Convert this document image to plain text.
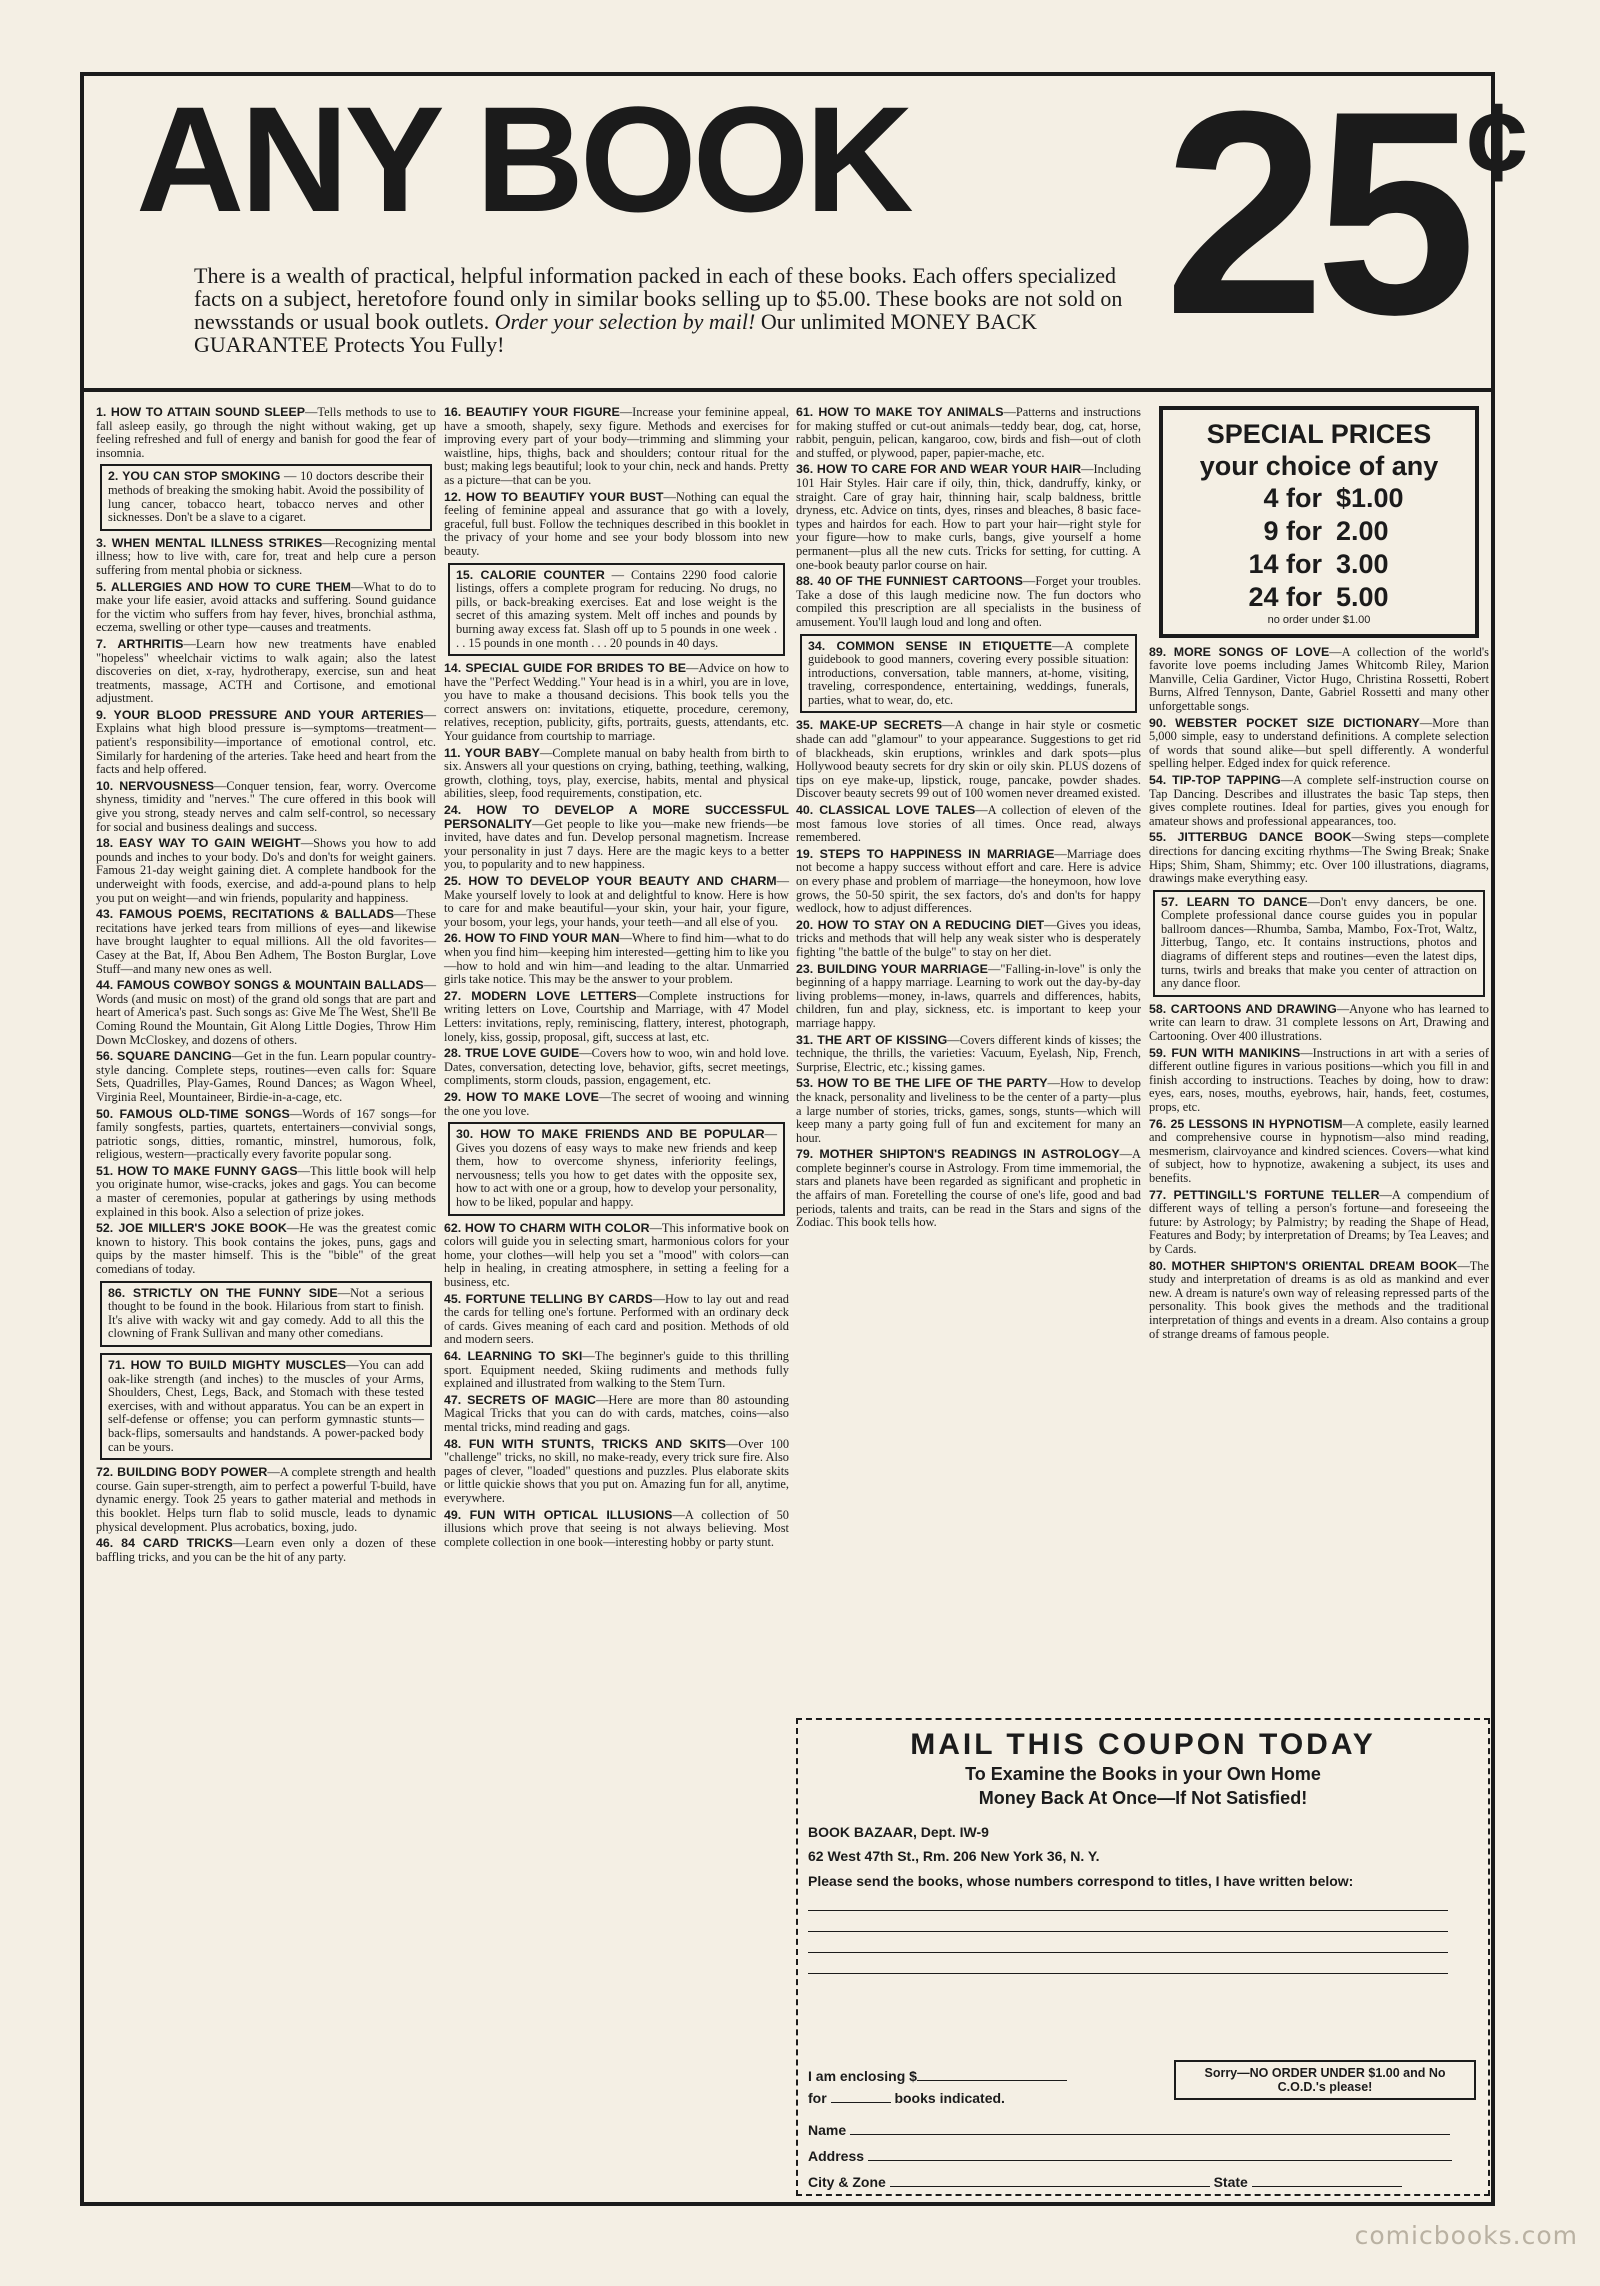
ANY BOOK 25¢
There is a wealth of practical, helpful information packed in each of these books. Each offers specialized facts on a subject, heretofore found only in similar books selling up to $5.00. These books are not sold on newsstands or usual book outlets. Order your selection by mail! Our unlimited MONEY BACK GUARANTEE Protects You Fully!
1. HOW TO ATTAIN SOUND SLEEP—Tells methods to use to fall asleep easily, go through the night without waking, get up feeling refreshed and full of energy and banish for good the fear of insomnia.
2. YOU CAN STOP SMOKING — 10 doctors describe their methods of breaking the smoking habit. Avoid the possibility of lung cancer, tobacco heart, tobacco nerves and other sicknesses. Don't be a slave to a cigaret.
3. WHEN MENTAL ILLNESS STRIKES—Recognizing mental illness; how to live with, care for, treat and help cure a person suffering from mental phobia or sickness.
5. ALLERGIES AND HOW TO CURE THEM—What to do to make your life easier, avoid attacks and suffering. Sound guidance for the victim who suffers from hay fever, hives, bronchial asthma, eczema, swelling or other type—causes and treatments.
7. ARTHRITIS—Learn how new treatments have enabled "hopeless" wheelchair victims to walk again; also the latest discoveries on diet, x-ray, hydrotherapy, exercise, sun and heat treatments, massage, ACTH and Cortisone, and emotional adjustment.
9. YOUR BLOOD PRESSURE AND YOUR ARTERIES—Explains what high blood pressure is—symptoms—treatment—patient's responsibility—importance of emotional control, etc. Similarly for hardening of the arteries. Take heed and heart from the facts and help offered.
10. NERVOUSNESS—Conquer tension, fear, worry. Overcome shyness, timidity and "nerves." The cure offered in this book will give you strong, steady nerves and calm self-control, so necessary for social and business dealings and success.
18. EASY WAY TO GAIN WEIGHT—Shows you how to add pounds and inches to your body. Do's and don'ts for weight gainers. Famous 21-day weight gaining diet. A complete handbook for the underweight with foods, exercise, and add-a-pound plans to help you put on weight—and win friends, popularity and happiness.
43. FAMOUS POEMS, RECITATIONS & BALLADS—These recitations have jerked tears from millions of eyes—and likewise have brought laughter to equal millions. All the old favorites—Casey at the Bat, If, Abou Ben Adhem, The Boston Burglar, Love Stuff—and many new ones as well.
44. FAMOUS COWBOY SONGS & MOUNTAIN BALLADS—Words (and music on most) of the grand old songs that are part and heart of America's past. Such songs as: Give Me The West, She'll Be Coming Round the Mountain, Git Along Little Dogies, Throw Him Down McCloskey, and dozens of others.
56. SQUARE DANCING—Get in the fun. Learn popular country-style dancing. Complete steps, routines—even calls for: Square Sets, Quadrilles, Play-Games, Round Dances; as Wagon Wheel, Virginia Reel, Mountaineer, Birdie-in-a-cage, etc.
50. FAMOUS OLD-TIME SONGS—Words of 167 songs—for family songfests, parties, quartets, entertainers—convivial songs, patriotic songs, ditties, romantic, minstrel, humorous, folk, religious, western—practically every favorite popular song.
51. HOW TO MAKE FUNNY GAGS—This little book will help you originate humor, wise-cracks, jokes and gags. You can become a master of ceremonies, popular at gatherings by using methods explained in this book. Also a selection of prize jokes.
52. JOE MILLER'S JOKE BOOK—He was the greatest comic known to history. This book contains the jokes, puns, gags and quips by the master himself. This is the "bible" of the great comedians of today.
86. STRICTLY ON THE FUNNY SIDE—Not a serious thought to be found in the book. Hilarious from start to finish. It's alive with wacky wit and gay comedy. Add to all this the clowning of Frank Sullivan and many other comedians.
71. HOW TO BUILD MIGHTY MUSCLES—You can add oak-like strength (and inches) to the muscles of your Arms, Shoulders, Chest, Legs, Back, and Stomach with these tested exercises, with and without apparatus. You can be an expert in self-defense or offense; you can perform gymnastic stunts—back-flips, somersaults and handstands. A power-packed body can be yours.
72. BUILDING BODY POWER—A complete strength and health course. Gain super-strength, aim to perfect a powerful T-build, have dynamic energy. Took 25 years to gather material and methods in this booklet. Helps turn flab to solid muscle, leads to dynamic physical development. Plus acrobatics, boxing, judo.
46. 84 CARD TRICKS—Learn even only a dozen of these baffling tricks, and you can be the hit of any party.
16. BEAUTIFY YOUR FIGURE—Increase your feminine appeal, have a smooth, shapely, sexy figure. Methods and exercises for improving every part of your body—trimming and slimming your waistline, hips, thighs, back and shoulders; contour ritual for the bust; making legs beautiful; look to your chin, neck and hands. Pretty as a picture—that can be you.
12. HOW TO BEAUTIFY YOUR BUST—Nothing can equal the feeling of feminine appeal and assurance that go with a lovely, graceful, full bust. Follow the techniques described in this booklet in the privacy of your home and see your body blossom into new beauty.
15. CALORIE COUNTER — Contains 2290 food calorie listings, offers a complete program for reducing. No drugs, no pills, or back-breaking exercises. Eat and lose weight is the secret of this amazing system. Melt off inches and pounds by burning away excess fat. Slash off up to 5 pounds in one week . . . 15 pounds in one month . . . 20 pounds in 40 days.
14. SPECIAL GUIDE FOR BRIDES TO BE—Advice on how to have the "Perfect Wedding." Your head is in a whirl, you are in love, you have to make a thousand decisions. This book tells you the correct answers on: invitations, etiquette, procedure, ceremony, relatives, reception, publicity, gifts, portraits, guests, attendants, etc. Your guidance from courtship to marriage.
11. YOUR BABY—Complete manual on baby health from birth to six. Answers all your questions on crying, bathing, teething, walking, growth, clothing, toys, play, exercise, habits, mental and physical abilities, sleep, food requirements, constipation, etc.
24. HOW TO DEVELOP A MORE SUCCESSFUL PERSONALITY—Get people to like you—make new friends—be invited, have dates and fun. Develop personal magnetism. Increase your personality in just 7 days. Here are the magic keys to a better you, to popularity and to new happiness.
25. HOW TO DEVELOP YOUR BEAUTY AND CHARM—Make yourself lovely to look at and delightful to know. Here is how to care for and make beautiful—your skin, your hair, your figure, your bosom, your legs, your hands, your teeth—and all else of you.
26. HOW TO FIND YOUR MAN—Where to find him—what to do when you find him—keeping him interested—getting him to like you—how to hold and win him—and leading to the altar. Unmarried girls take notice. This may be the answer to your problem.
27. MODERN LOVE LETTERS—Complete instructions for writing letters on Love, Courtship and Marriage, with 47 Model Letters: invitations, reply, reminiscing, flattery, interest, photograph, lonely, kiss, gossip, proposal, gift, success at last, etc.
28. TRUE LOVE GUIDE—Covers how to woo, win and hold love. Dates, conversation, detecting love, behavior, gifts, secret meetings, compliments, storm clouds, passion, engagement, etc.
29. HOW TO MAKE LOVE—The secret of wooing and winning the one you love.
30. HOW TO MAKE FRIENDS AND BE POPULAR—Gives you dozens of easy ways to make new friends and keep them, how to overcome shyness, inferiority feelings, nervousness; tells you how to get dates with the opposite sex, how to act with one or a group, how to develop your personality, how to be liked, popular and happy.
62. HOW TO CHARM WITH COLOR—This informative book on colors will guide you in selecting smart, harmonious colors for your home, your clothes—will help you set a "mood" with colors—can help in healing, in creating atmosphere, in setting a feeling for a business, etc.
45. FORTUNE TELLING BY CARDS—How to lay out and read the cards for telling one's fortune. Performed with an ordinary deck of cards. Gives meaning of each card and position. Methods of old and modern seers.
64. LEARNING TO SKI—The beginner's guide to this thrilling sport. Equipment needed, Skiing rudiments and methods fully explained and illustrated from walking to the Stem Turn.
47. SECRETS OF MAGIC—Here are more than 80 astounding Magical Tricks that you can do with cards, matches, coins—also mental tricks, mind reading and gags.
48. FUN WITH STUNTS, TRICKS AND SKITS—Over 100 "challenge" tricks, no skill, no make-ready, every trick sure fire. Also pages of clever, "loaded" questions and puzzles. Plus elaborate skits or little quickie shows that you put on. Amazing fun for all, anytime, everywhere.
49. FUN WITH OPTICAL ILLUSIONS—A collection of 50 illusions which prove that seeing is not always believing. Most complete collection in one book—interesting hobby or party stunt.
61. HOW TO MAKE TOY ANIMALS—Patterns and instructions for making stuffed or cut-out animals—teddy bear, dog, cat, horse, rabbit, penguin, pelican, kangaroo, cow, birds and fish—out of cloth and stuffed, or plywood, paper, papier-mache, etc.
36. HOW TO CARE FOR AND WEAR YOUR HAIR—Including 101 Hair Styles. Hair care if oily, thin, thick, dandruffy, kinky, or straight. Care of gray hair, thinning hair, scalp baldness, brittle dryness, etc. Advice on tints, dyes, rinses and bleaches, 8 basic face-types and hairdos for each. How to part your hair—right style for your figure—how to make curls, bangs, give yourself a home permanent—plus all the new cuts. Tricks for setting, for cutting. A one-book beauty parlor course on hair.
88. 40 OF THE FUNNIEST CARTOONS—Forget your troubles. Take a dose of this laugh medicine now. The fun doctors who compiled this prescription are all specialists in the business of amusement. You'll laugh loud and long and often.
34. COMMON SENSE IN ETIQUETTE—A complete guidebook to good manners, covering every possible situation: introductions, conversation, table manners, at-home, visiting, traveling, correspondence, entertaining, weddings, funerals, parties, what to wear, do, etc.
35. MAKE-UP SECRETS—A change in hair style or cosmetic shade can add "glamour" to your appearance. Suggestions to get rid of blackheads, skin eruptions, wrinkles and dark spots—plus Hollywood beauty secrets for dry skin or oily skin. PLUS dozens of tips on eye make-up, lipstick, rouge, pancake, powder shades. Discover beauty secrets 99 out of 100 women never dreamed existed.
40. CLASSICAL LOVE TALES—A collection of eleven of the most famous love stories of all times. Once read, always remembered.
19. STEPS TO HAPPINESS IN MARRIAGE—Marriage does not become a happy success without effort and care. Here is advice on every phase and problem of marriage—the honeymoon, how love grows, the 50-50 spirit, the sex factors, do's and don'ts for happy wedlock, how to adjust differences.
20. HOW TO STAY ON A REDUCING DIET—Gives you ideas, tricks and methods that will help any weak sister who is desperately fighting "the battle of the bulge" to stay on her diet.
23. BUILDING YOUR MARRIAGE—"Falling-in-love" is only the beginning of a happy marriage. Learning to work out the day-by-day living problems—money, in-laws, quarrels and differences, habits, children, fun and play, sickness, etc. is important to keep your marriage happy.
31. THE ART OF KISSING—Covers different kinds of kisses; the technique, the thrills, the varieties: Vacuum, Eyelash, Nip, French, Surprise, Electric, etc.; kissing games.
53. HOW TO BE THE LIFE OF THE PARTY—How to develop the knack, personality and liveliness to be the center of a party—plus a large number of stories, tricks, games, songs, stunts—which will keep many a party going full of fun and excitement for many an hour.
79. MOTHER SHIPTON'S READINGS IN ASTROLOGY—A complete beginner's course in Astrology. From time immemorial, the stars and planets have been regarded as significant and prophetic in the affairs of man. Foretelling the course of one's life, good and bad periods, talents and traits, can be read in the Stars and signs of the Zodiac. This book tells how.
SPECIAL PRICES
your choice of any
4 for $1.00
9 for 2.00
14 for 3.00
24 for 5.00
no order under $1.00
89. MORE SONGS OF LOVE—A collection of the world's favorite love poems including James Whitcomb Riley, Marion Manville, Celia Gardiner, Victor Hugo, Christina Rossetti, Robert Burns, Alfred Tennyson, Dante, Gabriel Rossetti and many other unforgettable songs.
90. WEBSTER POCKET SIZE DICTIONARY—More than 5,000 simple, easy to understand definitions. A complete selection of words that sound alike—but spell differently. A wonderful spelling helper. Edged index for quick reference.
54. TIP-TOP TAPPING—A complete self-instruction course on Tap Dancing. Describes and illustrates the basic Tap steps, then gives complete routines. Ideal for parties, gives you enough for amateur shows and professional appearances, too.
55. JITTERBUG DANCE BOOK—Swing steps—complete directions for dancing exciting rhythms—The Swing Break; Snake Hips; Shim, Sham, Shimmy; etc. Over 100 illustrations, diagrams, drawings make everything easy.
57. LEARN TO DANCE—Don't envy dancers, be one. Complete professional dance course guides you in popular ballroom dances—Rhumba, Samba, Mambo, Fox-Trot, Waltz, Jitterbug, Tango, etc. It contains instructions, photos and diagrams of different steps and routines—even the latest dips, turns, twirls and breaks that make you center of attraction on any dance floor.
58. CARTOONS AND DRAWING—Anyone who has learned to write can learn to draw. 31 complete lessons on Art, Drawing and Cartooning. Over 400 illustrations.
59. FUN WITH MANIKINS—Instructions in art with a series of different outline figures in various positions—which you fill in and finish according to instructions. Teaches by doing, how to draw: eyes, ears, noses, mouths, eyebrows, hair, hands, feet, costumes, props, etc.
76. 25 LESSONS IN HYPNOTISM—A complete, easily learned and comprehensive course in hypnotism—also mind reading, mesmerism, clairvoyance and kindred sciences. Covers—what kind of subject, how to hypnotize, awakening a subject, its uses and benefits.
77. PETTINGILL'S FORTUNE TELLER—A compendium of different ways of telling a person's fortune—and foreseeing the future: by Astrology; by Palmistry; by reading the Shape of Head, Features and Body; by interpretation of Dreams; by Tea Leaves; and by Cards.
80. MOTHER SHIPTON'S ORIENTAL DREAM BOOK—The study and interpretation of dreams is as old as mankind and ever new. A dream is nature's own way of releasing repressed parts of the personality. This book gives the methods and the traditional interpretation of things and events in a dream. Also contains a group of strange dreams of famous people.
MAIL THIS COUPON TODAY
To Examine the Books in your Own Home
Money Back At Once—If Not Satisfied!
BOOK BAZAAR, Dept. IW-9
62 West 47th St., Rm. 206 New York 36, N. Y.
Please send the books, whose numbers correspond to titles, I have written below:
I am enclosing $
for	books indicated.
Sorry—NO ORDER UNDER $1.00 and No C.O.D.'s please!
Name
Address
City & Zone	State
comicbooks.com
